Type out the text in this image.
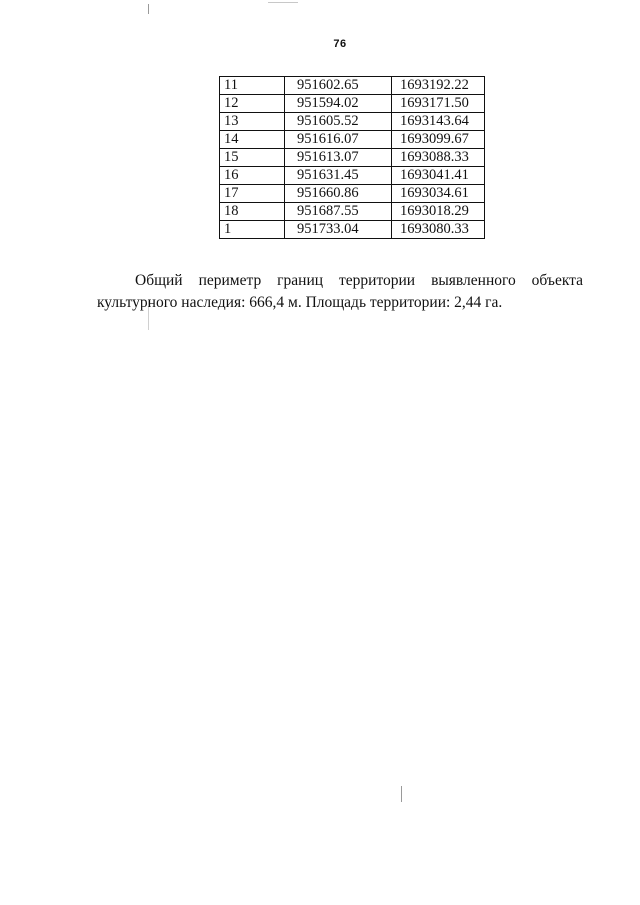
76
11	951602.65	1693192.22
12	951594.02	1693171.50
13	951605.52	1693143.64
14	951616.07	1693099.67
15	951613.07	1693088.33
16	951631.45	1693041.41
17	951660.86	1693034.61
18	951687.55	1693018.29
1	951733.04	1693080.33
Общий периметр границ территории выявленного объекта
культурного наследия: 666,4 м. Площадь территории: 2,44 га.
